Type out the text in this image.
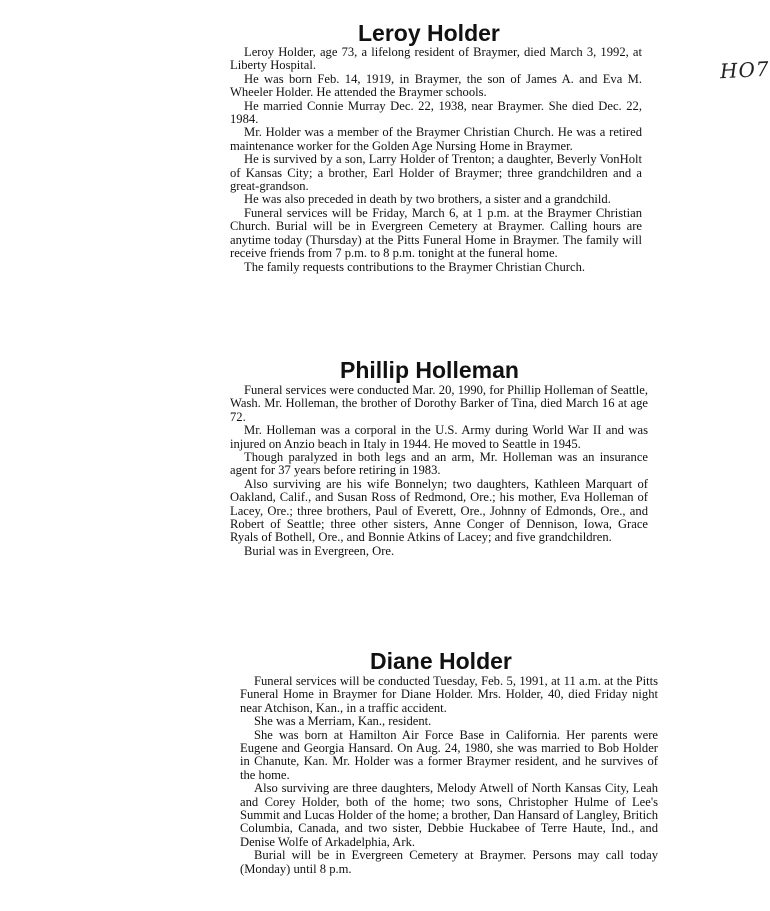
HO7
Leroy Holder

Leroy Holder, age 73, a lifelong resident of Braymer, died March 3, 1992, at Liberty Hospital.

He was born Feb. 14, 1919, in Braymer, the son of James A. and Eva M. Wheeler Holder. He attended the Braymer schools.

He married Connie Murray Dec. 22, 1938, near Braymer. She died Dec. 22, 1984.

Mr. Holder was a member of the Braymer Christian Church. He was a retired maintenance worker for the Golden Age Nursing Home in Braymer.

He is survived by a son, Larry Holder of Trenton; a daughter, Beverly VonHolt of Kansas City; a brother, Earl Holder of Braymer; three grandchildren and a great-grandson.

He was also preceded in death by two brothers, a sister and a grandchild.

Funeral services will be Friday, March 6, at 1 p.m. at the Braymer Christian Church. Burial will be in Evergreen Cemetery at Braymer. Calling hours are anytime today (Thursday) at the Pitts Funeral Home in Braymer. The family will receive friends from 7 p.m. to 8 p.m. tonight at the funeral home.

The family requests contributions to the Braymer Christian Church.

Phillip Holleman

Funeral services were conducted Mar. 20, 1990, for Phillip Holleman of Seattle, Wash. Mr. Holleman, the brother of Dorothy Barker of Tina, died March 16 at age 72.

Mr. Holleman was a corporal in the U.S. Army during World War II and was injured on Anzio beach in Italy in 1944. He moved to Seattle in 1945.

Though paralyzed in both legs and an arm, Mr. Holleman was an insurance agent for 37 years before retiring in 1983.

Also surviving are his wife Bonnelyn; two daughters, Kathleen Marquart of Oakland, Calif., and Susan Ross of Redmond, Ore.; his mother, Eva Holleman of Lacey, Ore.; three brothers, Paul of Everett, Ore., Johnny of Edmonds, Ore., and Robert of Seattle; three other sisters, Anne Conger of Dennison, Iowa, Grace Ryals of Bothell, Ore., and Bonnie Atkins of Lacey; and five grandchildren.

Burial was in Evergreen, Ore.

Diane Holder

Funeral services will be conducted Tuesday, Feb. 5, 1991, at 11 a.m. at the Pitts Funeral Home in Braymer for Diane Holder. Mrs. Holder, 40, died Friday night near Atchison, Kan., in a traffic accident.

She was a Merriam, Kan., resident.

She was born at Hamilton Air Force Base in California. Her parents were Eugene and Georgia Hansard. On Aug. 24, 1980, she was married to Bob Holder in Chanute, Kan. Mr. Holder was a former Braymer resident, and he survives of the home.

Also surviving are three daughters, Melody Atwell of North Kansas City, Leah and Corey Holder, both of the home; two sons, Christopher Hulme of Lee's Summit and Lucas Holder of the home; a brother, Dan Hansard of Langley, Britich Columbia, Canada, and two sister, Debbie Huckabee of Terre Haute, Ind., and Denise Wolfe of Arkadelphia, Ark.

Burial will be in Evergreen Cemetery at Braymer. Persons may call today (Monday) until 8 p.m.
